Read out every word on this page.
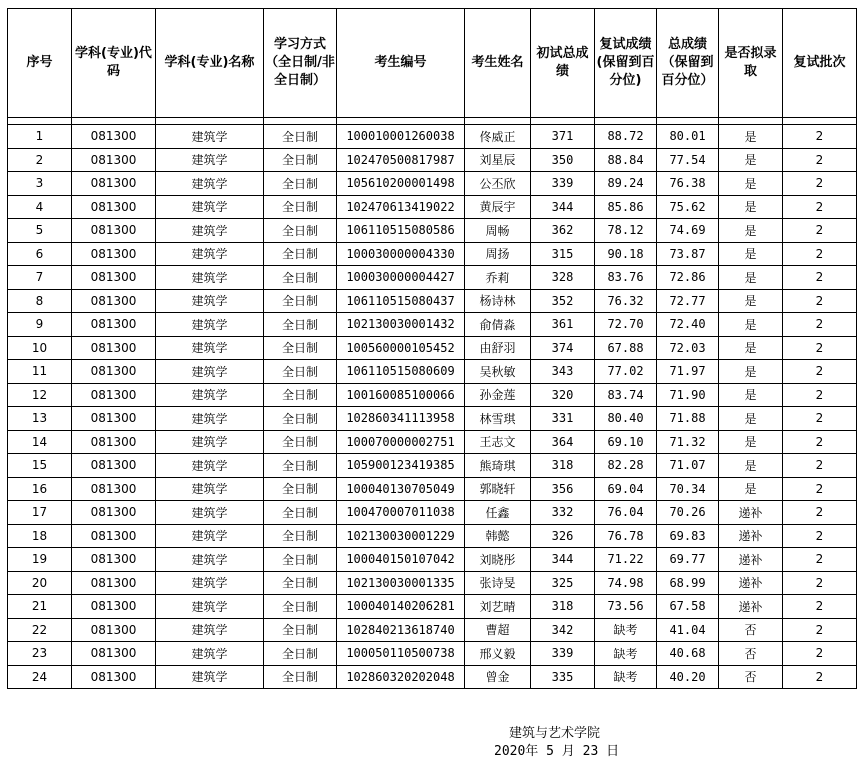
序号	学科(专业)代码	学科(专业)名称	学习方式（全日制/非全日制）	考生编号	考生姓名	初试总成绩	复试成绩(保留到百分位)	总成绩（保留到百分位）	是否拟录取	复试批次

1	081300	建筑学	全日制	100010001260038	佟威正	371	88.72	80.01	是	2
2	081300	建筑学	全日制	102470500817987	刘星辰	350	88.84	77.54	是	2
3	081300	建筑学	全日制	105610200001498	公丕欣	339	89.24	76.38	是	2
4	081300	建筑学	全日制	102470613419022	黄辰宇	344	85.86	75.62	是	2
5	081300	建筑学	全日制	106110515080586	周畅	362	78.12	74.69	是	2
6	081300	建筑学	全日制	100030000004330	周扬	315	90.18	73.87	是	2
7	081300	建筑学	全日制	100030000004427	乔莉	328	83.76	72.86	是	2
8	081300	建筑学	全日制	106110515080437	杨诗林	352	76.32	72.77	是	2
9	081300	建筑学	全日制	102130030001432	俞倩淼	361	72.70	72.40	是	2
10	081300	建筑学	全日制	100560000105452	由舒羽	374	67.88	72.03	是	2
11	081300	建筑学	全日制	106110515080609	吴秋敏	343	77.02	71.97	是	2
12	081300	建筑学	全日制	100160085100066	孙金莲	320	83.74	71.90	是	2
13	081300	建筑学	全日制	102860341113958	林雪琪	331	80.40	71.88	是	2
14	081300	建筑学	全日制	100070000002751	王志文	364	69.10	71.32	是	2
15	081300	建筑学	全日制	105900123419385	熊琦琪	318	82.28	71.07	是	2
16	081300	建筑学	全日制	100040130705049	郭晓轩	356	69.04	70.34	是	2
17	081300	建筑学	全日制	100470007011038	任鑫	332	76.04	70.26	递补	2
18	081300	建筑学	全日制	102130030001229	韩懿	326	76.78	69.83	递补	2
19	081300	建筑学	全日制	100040150107042	刘晓彤	344	71.22	69.77	递补	2
20	081300	建筑学	全日制	102130030001335	张诗旻	325	74.98	68.99	递补	2
21	081300	建筑学	全日制	100040140206281	刘艺晴	318	73.56	67.58	递补	2
22	081300	建筑学	全日制	102840213618740	曹超	342	缺考	41.04	否	2
23	081300	建筑学	全日制	100050110500738	邢义毅	339	缺考	40.68	否	2
24	081300	建筑学	全日制	102860320202048	曾金	335	缺考	40.20	否	2
建筑与艺术学院
2020年 5 月 23 日
